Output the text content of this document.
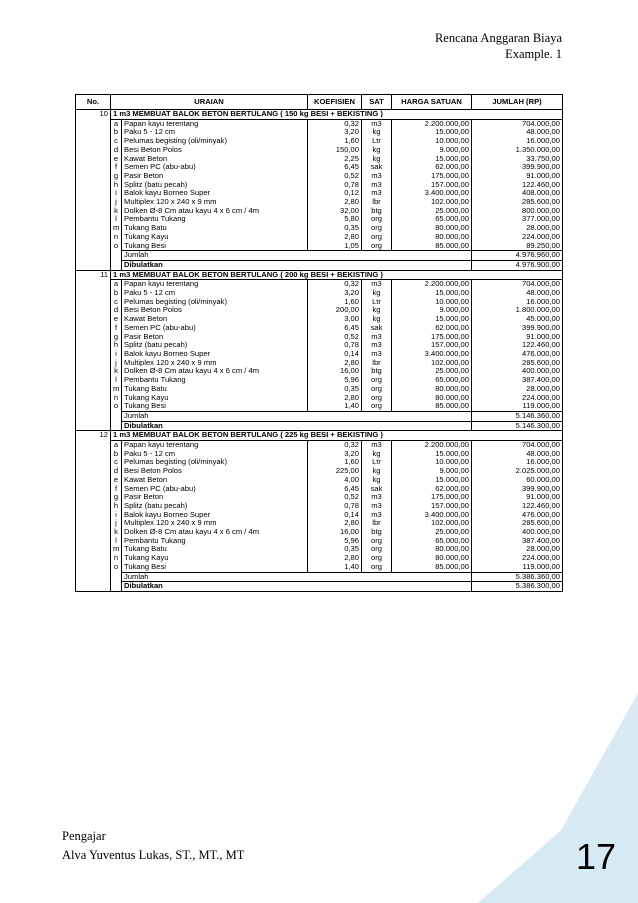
Rencana Anggaran Biaya
Example. 1
No.	URAIAN		KOEFISIEN	SAT	HARGA SATUAN	JUMLAH (RP)
10	1 m3 MEMBUAT BALOK BETON BERTULANG ( 150 kg BESI + BEKISTING )					
	a	Papan kayu terentang	0,32	m3	2.200.000,00	704.000,00
	b	Paku 5 - 12 cm	3,20	kg	15.000,00	48.000,00
	c	Pelumas begisting (oli/minyak)	1,60	Ltr	10.000,00	16.000,00
	d	Besi Beton Polos	150,00	kg	9.000,00	1.350.000,00
	e	Kawat Beton	2,25	kg	15.000,00	33.750,00
	f	Semen PC (abu-abu)	6,45	sak	62.000,00	399.900,00
	g	Pasir Beton	0,52	m3	175.000,00	91.000,00
	h	Splitz (batu pecah)	0,78	m3	157.000,00	122.460,00
	i	Balok kayu Borneo Super	0,12	m3	3.400.000,00	408.000,00
	j	Multiplex 120 x 240 x 9 mm	2,80	lbr	102.000,00	285.600,00
	k	Dolken Ø-8 Cm atau kayu 4 x 6 cm / 4m	32,00	btg	25.000,00	800.000,00
	l	Pembantu Tukang	5,80	org	65.000,00	377.000,00
	m	Tukang Batu	0,35	org	80.000,00	28.000,00
	n	Tukang Kayu	2,80	org	80.000,00	224.000,00
	o	Tukang Besi	1,05	org	85.000,00	89.250,00
		Jumlah				4.976.960,00
		Dibulatkan				4.976.900,00
11	1 m3 MEMBUAT BALOK BETON BERTULANG ( 200 kg BESI + BEKISTING )					
	a	Papan kayu terentang	0,32	m3	2.200.000,00	704.000,00
	b	Paku 5 - 12 cm	3,20	kg	15.000,00	48.000,00
	c	Pelumas begisting (oli/minyak)	1,60	Ltr	10.000,00	16.000,00
	d	Besi Beton Polos	200,00	kg	9.000,00	1.800.000,00
	e	Kawat Beton	3,00	kg	15.000,00	45.000,00
	f	Semen PC (abu-abu)	6,45	sak	62.000,00	399.900,00
	g	Pasir Beton	0,52	m3	175.000,00	91.000,00
	h	Splitz (batu pecah)	0,78	m3	157.000,00	122.460,00
	i	Balok kayu Borneo Super	0,14	m3	3.400.000,00	476.000,00
	j	Multiplex 120 x 240 x 9 mm	2,80	lbr	102.000,00	285.600,00
	k	Dolken Ø-8 Cm atau kayu 4 x 6 cm / 4m	16,00	btg	25.000,00	400.000,00
	l	Pembantu Tukang	5,96	org	65.000,00	387.400,00
	m	Tukang Batu	0,35	org	80.000,00	28.000,00
	n	Tukang Kayu	2,80	org	80.000,00	224.000,00
	o	Tukang Besi	1,40	org	85.000,00	119.000,00
		Jumlah				5.146.360,00
		Dibulatkan				5.146.300,00
12	1 m3 MEMBUAT BALOK BETON BERTULANG ( 225 kg BESI + BEKISTING )					
	a	Papan kayu terentang	0,32	m3	2.200.000,00	704.000,00
	b	Paku 5 - 12 cm	3,20	kg	15.000,00	48.000,00
	c	Pelumas begisting (oli/minyak)	1,60	Ltr	10.000,00	16.000,00
	d	Besi Beton Polos	225,00	kg	9.000,00	2.025.000,00
	e	Kawat Beton	4,00	kg	15.000,00	60.000,00
	f	Semen PC (abu-abu)	6,45	sak	62.000,00	399.900,00
	g	Pasir Beton	0,52	m3	175.000,00	91.000,00
	h	Splitz (batu pecah)	0,78	m3	157.000,00	122.460,00
	i	Balok kayu Borneo Super	0,14	m3	3.400.000,00	476.000,00
	j	Multiplex 120 x 240 x 9 mm	2,80	lbr	102.000,00	285.600,00
	k	Dolken Ø-8 Cm atau kayu 4 x 6 cm / 4m	16,00	btg	25.000,00	400.000,00
	l	Pembantu Tukang	5,96	org	65.000,00	387.400,00
	m	Tukang Batu	0,35	org	80.000,00	28.000,00
	n	Tukang Kayu	2,80	org	80.000,00	224.000,00
	o	Tukang Besi	1,40	org	85.000,00	119.000,00
		Jumlah				5.386.360,00
		Dibulatkan				5.386.300,00
Pengajar
Alva Yuventus Lukas, ST., MT., MT	17
